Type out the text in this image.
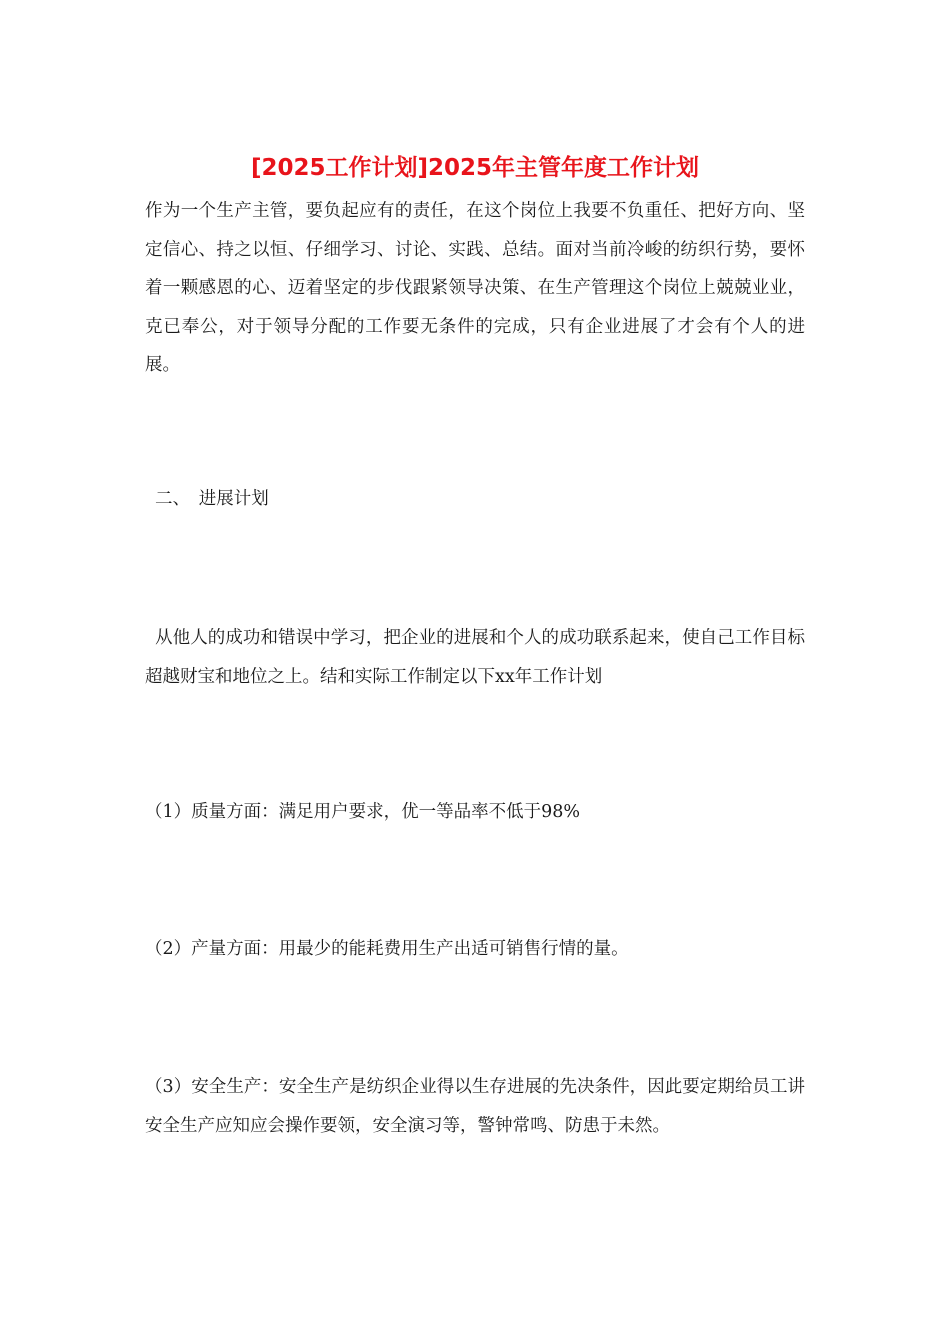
[2025工作计划]2025年主管年度工作计划

作为一个生产主管，要负起应有的责任，在这个岗位上我要不负重任、把好方向、坚定信心、持之以恒、仔细学习、讨论、实践、总结。面对当前冷峻的纺织行势，要怀着一颗感恩的心、迈着坚定的步伐跟紧领导决策、在生产管理这个岗位上兢兢业业，克已奉公，对于领导分配的工作要无条件的完成，只有企业进展了才会有个人的进展。

二、　进展计划

从他人的成功和错误中学习，把企业的进展和个人的成功联系起来，使自己工作目标超越财宝和地位之上。结和实际工作制定以下xx年工作计划

（1）质量方面：满足用户要求，优一等品率不低于98%

（2）产量方面：用最少的能耗费用生产出适可销售行情的量。

（3）安全生产：安全生产是纺织企业得以生存进展的先决条件，因此要定期给员工讲安全生产应知应会操作要领，安全演习等，警钟常鸣、防患于未然。
